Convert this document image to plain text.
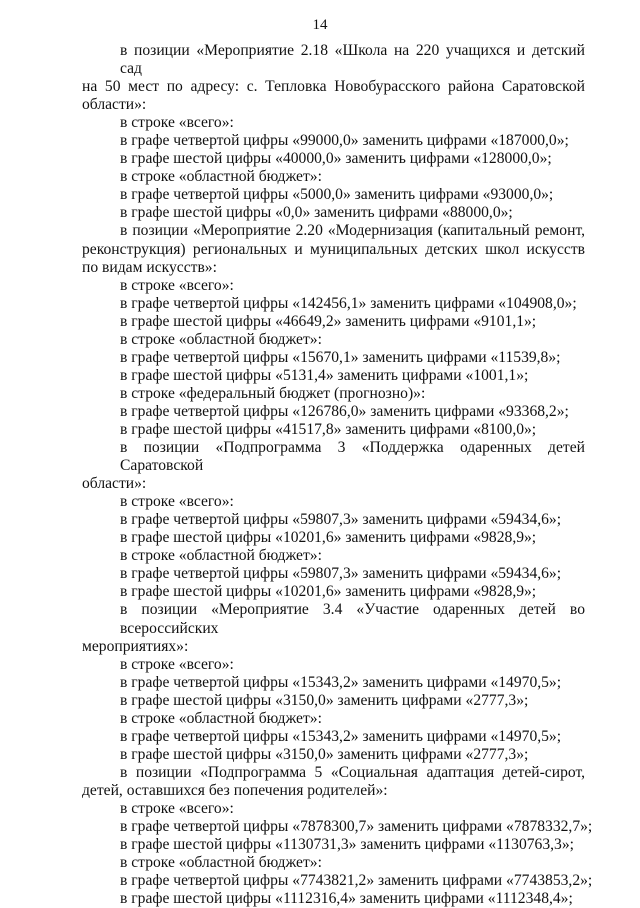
14
в позиции «Мероприятие 2.18 «Школа на 220 учащихся и детский сад
на 50 мест по адресу: с. Тепловка Новобурасского района Саратовской
области»:
в строке «всего»:
в графе четвертой цифры «99000,0» заменить цифрами «187000,0»;
в графе шестой цифры «40000,0» заменить цифрами «128000,0»;
в строке «областной бюджет»:
в графе четвертой цифры «5000,0» заменить цифрами «93000,0»;
в графе шестой цифры «0,0» заменить цифрами «88000,0»;
в позиции «Мероприятие 2.20 «Модернизация (капитальный ремонт,
реконструкция) региональных и муниципальных детских школ искусств
по видам искусств»:
в строке «всего»:
в графе четвертой цифры «142456,1» заменить цифрами «104908,0»;
в графе шестой цифры «46649,2» заменить цифрами «9101,1»;
в строке «областной бюджет»:
в графе четвертой цифры «15670,1» заменить цифрами «11539,8»;
в графе шестой цифры «5131,4» заменить цифрами «1001,1»;
в строке «федеральный бюджет (прогнозно)»:
в графе четвертой цифры «126786,0» заменить цифрами «93368,2»;
в графе шестой цифры «41517,8» заменить цифрами «8100,0»;
в позиции «Подпрограмма 3 «Поддержка одаренных детей Саратовской
области»:
в строке «всего»:
в графе четвертой цифры «59807,3» заменить цифрами «59434,6»;
в графе шестой цифры «10201,6» заменить цифрами «9828,9»;
в строке «областной бюджет»:
в графе четвертой цифры «59807,3» заменить цифрами «59434,6»;
в графе шестой цифры «10201,6» заменить цифрами «9828,9»;
в позиции «Мероприятие 3.4 «Участие одаренных детей во всероссийских
мероприятиях»:
в строке «всего»:
в графе четвертой цифры «15343,2» заменить цифрами «14970,5»;
в графе шестой цифры «3150,0» заменить цифрами «2777,3»;
в строке «областной бюджет»:
в графе четвертой цифры «15343,2» заменить цифрами «14970,5»;
в графе шестой цифры «3150,0» заменить цифрами «2777,3»;
в позиции «Подпрограмма 5 «Социальная адаптация детей-сирот,
детей, оставшихся без попечения родителей»:
в строке «всего»:
в графе четвертой цифры «7878300,7» заменить цифрами «7878332,7»;
в графе шестой цифры «1130731,3» заменить цифрами «1130763,3»;
в строке «областной бюджет»:
в графе четвертой цифры «7743821,2» заменить цифрами «7743853,2»;
в графе шестой цифры «1112316,4» заменить цифрами «1112348,4»;
